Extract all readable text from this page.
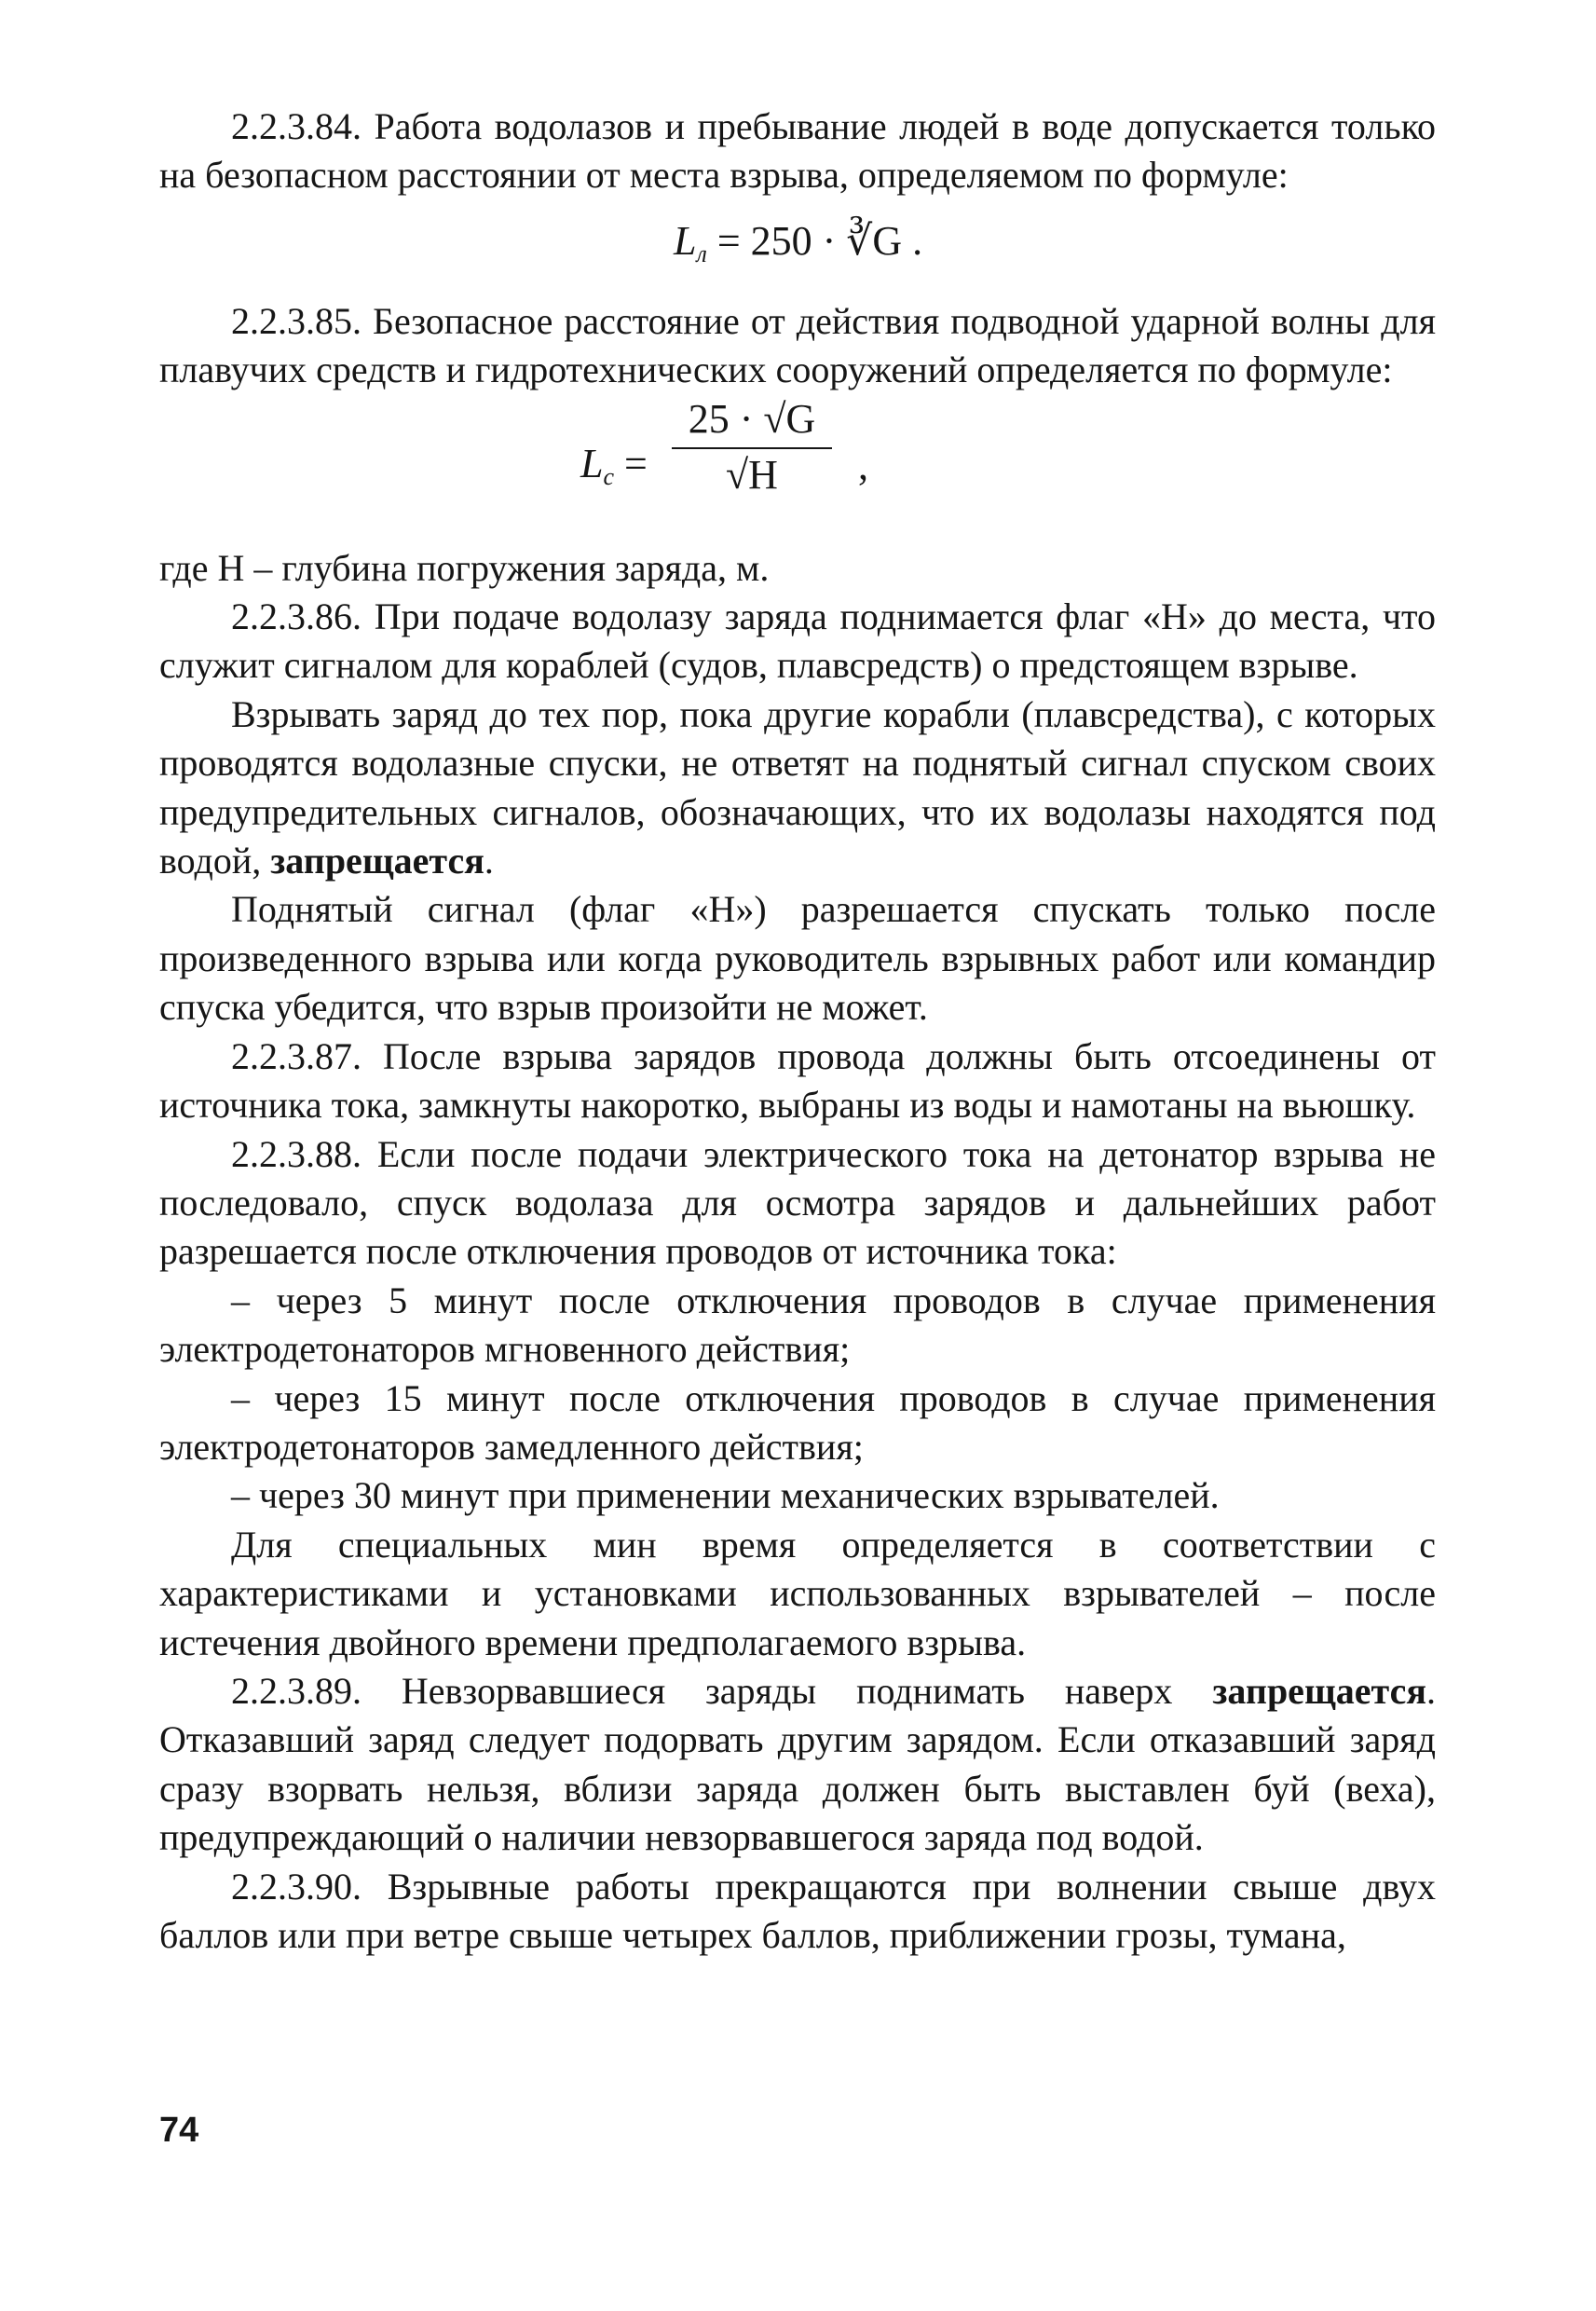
2.2.3.84. Работа водолазов и пребывание людей в воде допускается только на безопасном расстоянии от места взрыва, определяемом по формуле:

$L_л = 250$ · ∛G .

2.2.3.85. Безопасное расстояние от действия подводной ударной волны для плавучих средств и гидротехнических сооружений определяется по формуле:

$L_с = \frac{25 \cdot √G}{√H}$ ,

где Н – глубина погружения заряда, м.

2.2.3.86. При подаче водолазу заряда поднимается флаг «Н» до места, что служит сигналом для кораблей (судов, плавсредств) о предстоящем взрыве.

Взрывать заряд до тех пор, пока другие корабли (плавсредства), с которых проводятся водолазные спуски, не ответят на поднятый сигнал спуском своих предупредительных сигналов, обозначающих, что их водолазы находятся под водой, запрещается.

Поднятый сигнал (флаг «Н») разрешается спускать только после произведенного взрыва или когда руководитель взрывных работ или командир спуска убедится, что взрыв произойти не может.

2.2.3.87. После взрыва зарядов провода должны быть отсоединены от источника тока, замкнуты накоротко, выбраны из воды и намотаны на вьюшку.

2.2.3.88. Если после подачи электрического тока на детонатор взрыва не последовало, спуск водолаза для осмотра зарядов и дальнейших работ разрешается после отключения проводов от источника тока:

– через 5 минут после отключения проводов в случае применения электродетонаторов мгновенного действия;

– через 15 минут после отключения проводов в случае применения электродетонаторов замедленного действия;

– через 30 минут при применении механических взрывателей.

Для специальных мин время определяется в соответствии с характеристиками и установками использованных взрывателей – после истечения двойного времени предполагаемого взрыва.

2.2.3.89. Невзорвавшиеся заряды поднимать наверх запрещается. Отказавший заряд следует подорвать другим зарядом. Если отказавший заряд сразу взорвать нельзя, вблизи заряда должен быть выставлен буй (веха), предупреждающий о наличии невзорвавшегося заряда под водой.

2.2.3.90. Взрывные работы прекращаются при волнении свыше двух баллов или при ветре свыше четырех баллов, приближении грозы, тумана,

74
